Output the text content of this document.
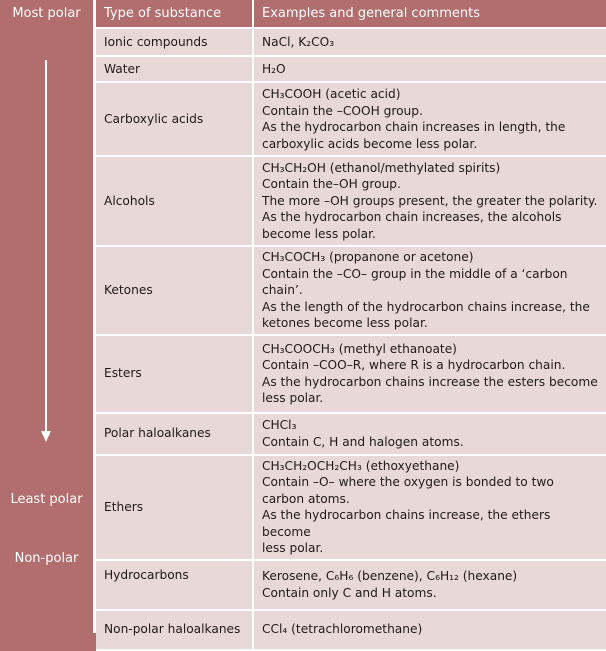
Most polar
Least polar
Non-polar
Type of substance	Examples and general comments
Ionic compounds	NaCl, K₂CO₃

Water	H₂O

Carboxylic acids	CH₃COOH (acetic acid)
Contain the –COOH group.
As the hydrocarbon chain increases in length, the
carboxylic acids become less polar.

Alcohols	CH₃CH₂OH (ethanol/methylated spirits)
Contain the–OH group.
The more –OH groups present, the greater the polarity.
As the hydrocarbon chain increases, the alcohols
become less polar.

Ketones	CH₃COCH₃ (propanone or acetone)
Contain the –CO– group in the middle of a ‘carbon
chain’.
As the length of the hydrocarbon chains increase, the
ketones become less polar.

Esters	CH₃COOCH₃ (methyl ethanoate)
Contain –COO–R, where R is a hydrocarbon chain.
As the hydrocarbon chains increase the esters become
less polar.

Polar haloalkanes	CHCl₃
Contain C, H and halogen atoms.

Ethers	CH₃CH₂OCH₂CH₃ (ethoxyethane)
Contain –O– where the oxygen is bonded to two
carbon atoms.
As the hydrocarbon chains increase, the ethers become
less polar.

Hydrocarbons	Kerosene, C₆H₆ (benzene), C₆H₁₂ (hexane)
Contain only C and H atoms.

Non-polar haloalkanes	CCl₄ (tetrachloromethane)
